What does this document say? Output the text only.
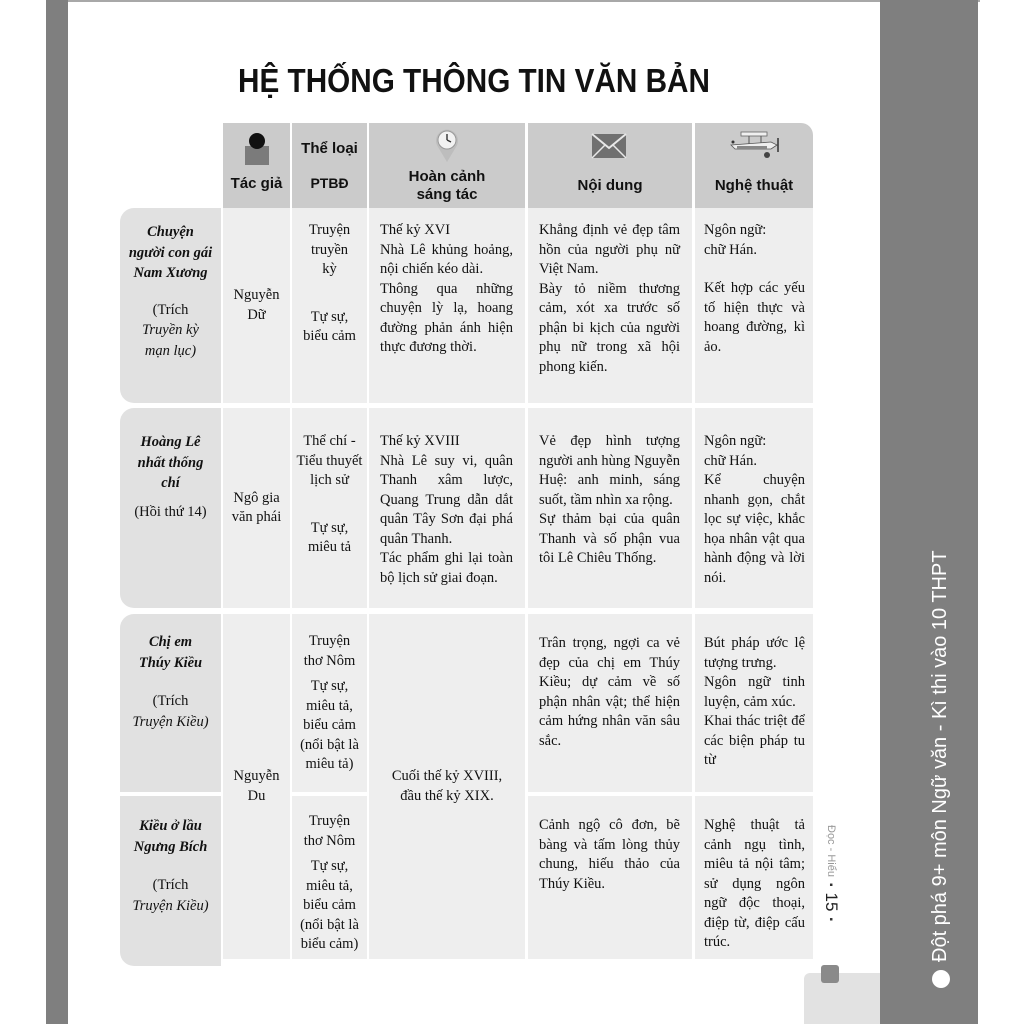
Đột phá 9+ môn Ngữ văn - Kì thi vào 10 THPT
Đọc - Hiểu
▪
15
▪
HỆ THỐNG THÔNG TIN VĂN BẢN
Tác giả
Thể loại
PTBĐ	Hoàn cảnh
sáng tác
Nội dung	Nghệ thuật
Chuyện
người con gái
Nam Xương
(Trích
Truyền kỳ
mạn lục)
Nguyễn
Dữ
Truyện
truyền
kỳ
Tự sự,
biểu cảm
Thế kỷ XVI
Nhà Lê khủng hoảng, nội chiến kéo dài.
Thông qua những chuyện lỳ lạ, hoang đường phản ánh hiện thực đương thời.
Khẳng định vẻ đẹp tâm hồn của người phụ nữ Việt Nam.
Bày tỏ niềm thương cảm, xót xa trước số phận bi kịch của người phụ nữ trong xã hội phong kiến.
Ngôn ngữ:
chữ Hán.
Kết hợp các yếu tố hiện thực và hoang đường, kì ảo.
Hoàng Lê
nhất thống
chí
(Hồi thứ 14)
Ngô gia
văn phái
Thể chí -
Tiểu thuyết
lịch sử
Tự sự,
miêu tả
Thế kỷ XVIII
Nhà Lê suy vi, quân Thanh xâm lược, Quang Trung dẫn dắt quân Tây Sơn đại phá quân Thanh.
Tác phẩm ghi lại toàn bộ lịch sử giai đoạn.
Vẻ đẹp hình tượng người anh hùng Nguyễn Huệ: anh minh, sáng suốt, tầm nhìn xa rộng.
Sự thảm bại của quân Thanh và số phận vua tôi Lê Chiêu Thống.
Ngôn ngữ:
chữ Hán.
Kể chuyện nhanh gọn, chắt lọc sự việc, khắc họa nhân vật qua hành động và lời nói.
Chị em
Thúy Kiều
(Trích
Truyện Kiều)
Nguyễn
Du
Truyện
thơ Nôm
Tự sự,
miêu tả,
biểu cảm
(nổi bật là
miêu tả)
Cuối thế kỷ XVIII,
đầu thế kỷ XIX.
Trân trọng, ngợi ca vẻ đẹp của chị em Thúy Kiều; dự cảm về số phận nhân vật; thể hiện cảm hứng nhân văn sâu sắc.
Bút pháp ước lệ tượng trưng.
Ngôn ngữ tinh luyện, cảm xúc.
Khai thác triệt để các biện pháp tu từ
Kiều ở lầu
Ngưng Bích
(Trích
Truyện Kiều)
Truyện
thơ Nôm
Tự sự,
miêu tả,
biểu cảm
(nổi bật là
biểu cảm)
Cảnh ngộ cô đơn, bẽ bàng và tấm lòng thủy chung, hiếu thảo của Thúy Kiều.
Nghệ thuật tả cảnh ngụ tình, miêu tả nội tâm; sử dụng ngôn ngữ độc thoại, điệp từ, điệp cấu trúc.
